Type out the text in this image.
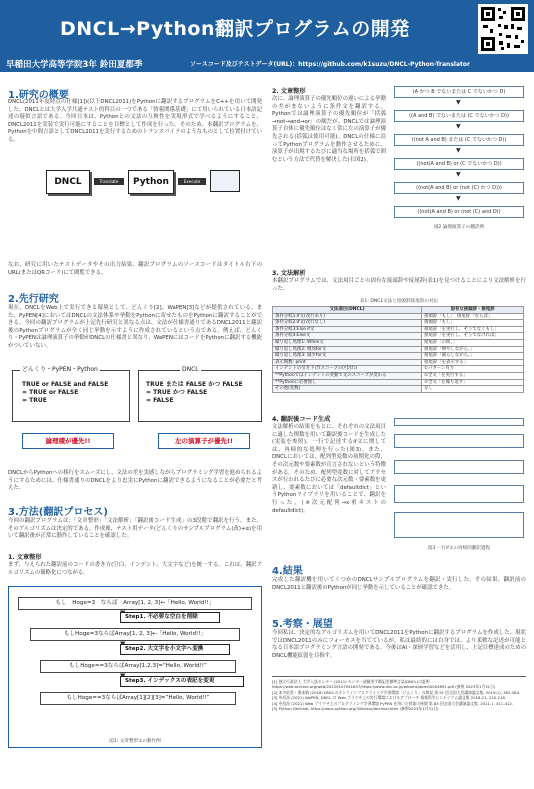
DNCL→Python翻訳プログラムの開発
早稲田大学高等学院3年 鈴田夏都季	ソースコード及びテストデータ(URL)：https://github.com/k1suzu/DNCL-Python-Translator
1.研究の概要
DNCL(2011年度時点の仕様[1])(以下DNCL2011)をPythonに翻訳するプログラムをC++を用いて開発した。DNCLとは大学入学共通テスト的科目の一つである「情報関係基礎」にて用いられている日本語記述の疑似言語である。今回日本は、Pythonとの文法の互換性を実現形式で学べるようにすること、DNCL2011を実装で実行可能にすることを目標として作成を行った。そのため、本翻訳プログラムを、Pythonを中間言語としてDNCL2011を実行するためのトランスパイラのようなものとして位置付けている。
DNCL	Translate	Python	Execute
なお、研究に用いたテストデータやその出力結果、翻訳プログラムのソースコードはタイトル右下のURL(またはQRコード)にて閲覧できる。
2.先行研究
現在、DNCLをWeb上で実行できる環境として、どんくり[2]、WaPEN[3]などが提供されている。また、PyPEN[4]においてはDNCLの文法体系や挙動をPythonに寄せたものをPythonに翻訳することができる。今回の翻訳プログラムが上記先行研究と異なる点は、文法が仕様書通りであるDNCL2011と翻訳後のPythonプログラムが全く同じ挙動を示すように作成されているという点である。例えば、どんくり・PyPENは論理演算子の挙動がDNCLの仕様書と異なり、WaPENにはコードをPythonに翻訳する機能がついていない。
どんくり・PyPEN・Python
TRUE or FALSE and FALSE
= TRUE or FALSE
= TRUE
DNCL
TRUE または FALSE かつ FALSE
= TRUE かつ FALSE
= FALSE
論理積が優先!!	左の演算子が優先!!
DNCLからPythonへの移行をスムーズにし、文法の差を実感しながらプログラミング学習を進められるようにするためには、仕様書通りのDNCLをより忠実にPythonに翻訳できるようになることが必要だと考えた。
3.方法(翻訳プロセス)
今回の翻訳プログラムは、「文章整形」「文法解析」「翻訳後コード生成」の3段階で翻訳を行う。また、そのアルゴリズムは決定的である。作成後、テスト用データ(どんくりのサンプルプログラム(改)+α)を用いて翻訳後が正常に動作していることを確認した。
1. 文章整形
まず、与えられた翻訳前のコードの書き方(空白、インデント、大文字など)を統一する。これは、翻訳アルゴリズムの簡略化につながる。
もし　Hoge=3　ならば　Array[1, 2, 3]←「Hello, World!!」
Step1. 不必要な空白を削除
もしHoge=3ならばArray[1, 2, 3]←「Hello, World!!」
Step2. 大文字を小文字へ変換
もしHoge==3ならばArray[1,2,3]=”Hello, World!!”
Step3. インデックスの表記を変更
もしHoge==3ならばArray[1][2][3]=”Hello, World!!”
図1: 文章整形①の動作例
2. 文章整形
次に、論理演算子の優先順位の違いによる挙動の差がまないように条件文を翻訳する。Pythonでは論理演算子の優先順位が「括弧→not→and→or」の順だが、DNCLでは論理演算子自体に優先順位はなく常に左の演算子が優先される(括弧は使用可能)。DNCLの仕様に沿ってPythonプログラムを動作させるために、演算子が出現するたびに適当な場所を括弧で囲むという方法で代替を解決した(右図2)。
(A かつ B でないまたは C でないかつ D)
((A and B) でないまたは (C でないかつ D))
((not A and B) または (C でないかつ D))
((not(A and B) or (C でないかつ D))
((not(A and B) or (not (C) かつ D)))
((not(A and B) or (not (C) and D))
▼
▼
▼
▼
▼
図2 論理演算子の翻訳例
3. 文法解析
本翻訳プログラムでは、文法項目ごとの固有な接頭辞や接尾辞(表1)を見つけることにより文法解析を行った。
表1: DNCL文法と接頭辞接尾辞の対応
文法項目(DNCL)	固有な接頭辞・接尾辞
条件分岐1:if文(改行あり)	接頭辞「もし」　接尾辞「ならば」
条件分岐2:if文(改行なし)	接頭辞「もし」
条件分岐3:Else if文	接尾辞「を実行し、そうでなくもし」
条件分岐4:Else文	接尾辞「を実行し、そうでなければ」
繰り返し処理1: While文	接尾辞「の間、」
繰り返し処理2: 増加for文	接尾辞「増やしながら、」
繰り返し処理3: 減少for文	接尾辞「減らしながら、」
表示関数: print	接尾辞「を表示する」
インデントの引き下げ(スコープの区切れ)	①パターン有り
**Pythonではインデントの変動で文のスコープが変わる	①全文「を実行する」
**Pythonに必要無し	②全文「を繰り返す」
その他(変数)	なし
4. 翻訳後コード生成
文法解析の結果をもとに、それぞれの文法項目に適した関数を用いて翻訳後コードを生成した(実装を参照)。一行で記述するif文に関しては、再帰的な処理を行った(図3)。また、DNCLにおいては、配列型変数の初期化の際、その次元数や要素数が宣言されないという特徴がある。そのため、配列型変数に対してアクセスが行われるたびに必要な次元数・要素数を更新し、要素数においては「defaultdict」というPythonライブラリを用いることで、翻訳を行った。(※次元配列→x重ネストのdefaultdict)。
図3 一行if文の再帰的翻訳過程
4.結果
完成した翻訳機を用いてくつかのDNCLサンプルプログラムを翻訳・実行した。その結果、翻訳前のDNCL2011と翻訳後のPythonが同じ挙動を示していることが確認できた。
5.考察・展望
今回私は、決定的なアルゴリズムを用いてDNCL2011をPythonに翻訳するプログラムを作成した。現状ではDNCL2011のみにフォーカスを当てているが、私は最終的には自身では、より柔軟な記述が可能となる日本語プログラミング言語の開発である。今後はAI・深層学習などを活用し、上記目標達成のためのDNCL機能拡張を目指す。
[1] 独立行政法人 大学入試センター (2011) センター試験用手順記述標準言語(DNCL)の説明 https://web.archive.org/web/20220107041637/https://www.dnc.ac.jp/albums/abm00004691.pdf (参照 2023年1月31日)
[2] 本多佑希・奥本慎 (2016) DNCLのオンラインプログラミング学習環境「どんくり」の開発 第 91 回全国大会講演論文集, 2019(1), 383-384.
[3] 中西涉 (2021) WaPEN, DNCL の Web ブラウザ上の実行環境におけるアプローチ 情報科学シンポジウム論文集 2018.21, 210-218.
[4] 中西涉 (2021) Web ブラウザ上のプログラミング学習環境 PyPEN を用いた授業の展開 第 83 回全国大会講演論文集, 2021.1, 411-412.
[5] Python Decimal, https://docs.python.org/3/library/decimal.html (参照2023年1月31日)
